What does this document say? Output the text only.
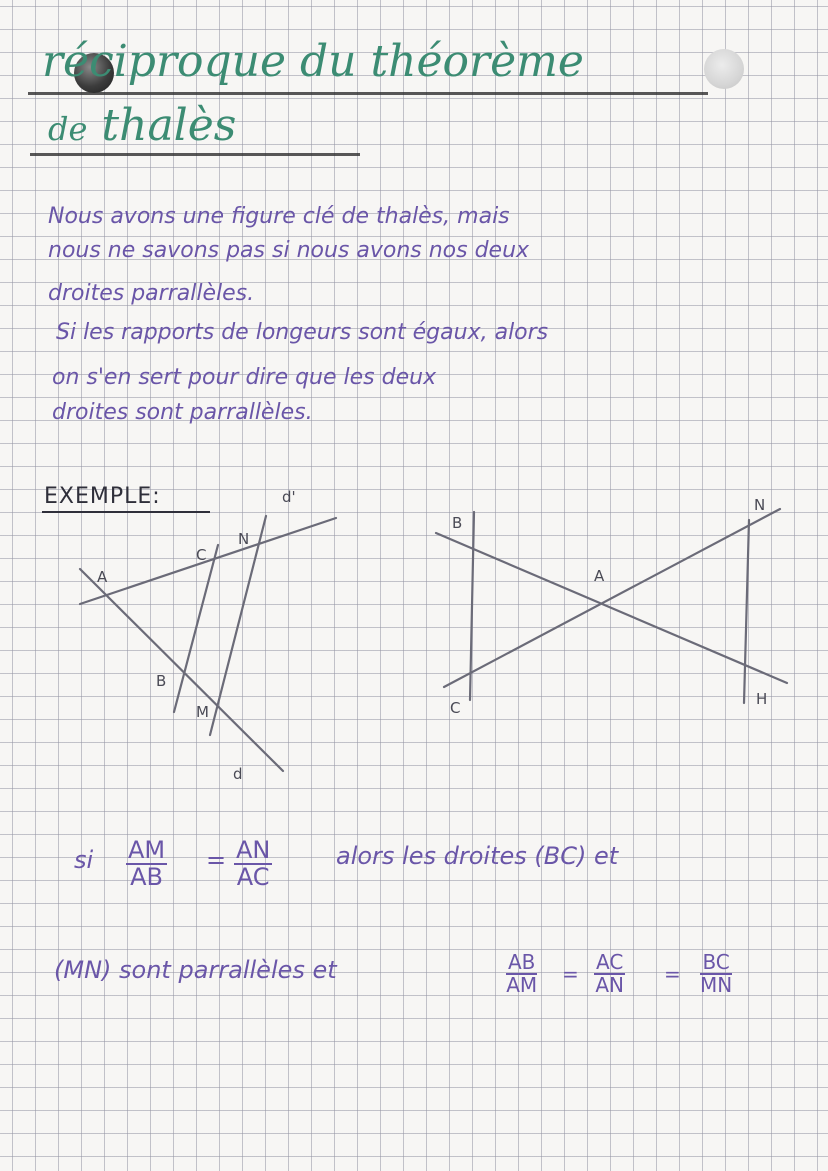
réciproque du théorème
de thalès
Nous avons une figure clé de thalès, mais
nous ne savons pas si nous avons nos deux
droites parrallèles.
Si les rapports de longeurs sont égaux, alors
on s'en sert pour dire que les deux
droites sont parrallèles.
EXEMPLE:
A
C
N
d'
B
M
d
B
A
N
C	H
si $\frac{AM}{AB} = \frac{AN}{AC}$	alors les droites (BC) et
(MN) sont parrallèles et	$\frac{AB}{AM} = \frac{AC}{AN} = \frac{BC}{MN}$
